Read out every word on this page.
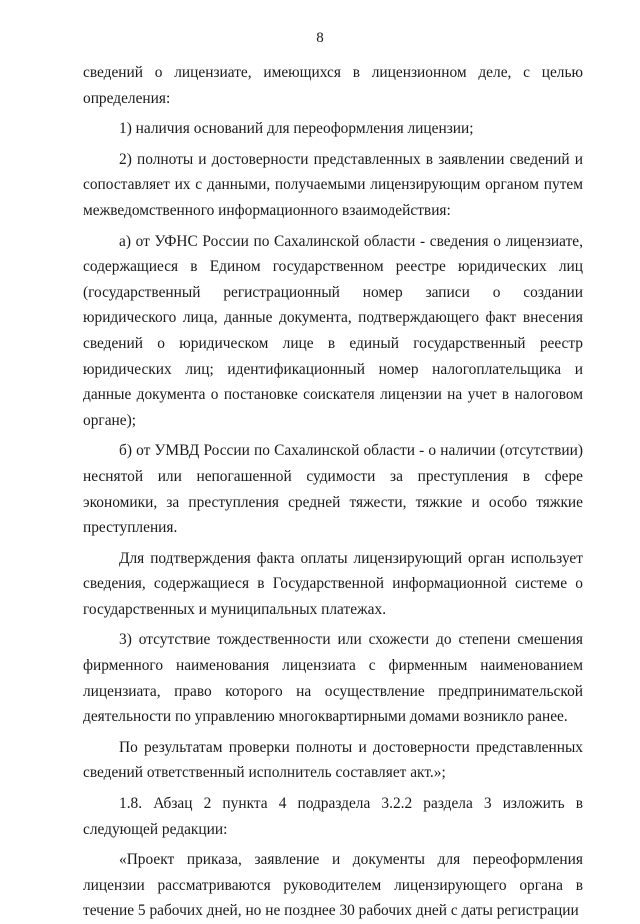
8

сведений о лицензиате, имеющихся в лицензионном деле, с целью определения:

1) наличия оснований для переоформления лицензии;

2) полноты и достоверности представленных в заявлении сведений и сопоставляет их с данными, получаемыми лицензирующим органом путем межведомственного информационного взаимодействия:

а) от УФНС России по Сахалинской области - сведения о лицензиате, содержащиеся в Едином государственном реестре юридических лиц (государственный регистрационный номер записи о создании юридического лица, данные документа, подтверждающего факт внесения сведений о юридическом лице в единый государственный реестр юридических лиц; идентификационный номер налогоплательщика и данные документа о постановке соискателя лицензии на учет в налоговом органе);

б) от УМВД России по Сахалинской области - о наличии (отсутствии) неснятой или непогашенной судимости за преступления в сфере экономики, за преступления средней тяжести, тяжкие и особо тяжкие преступления.

Для подтверждения факта оплаты лицензирующий орган использует сведения, содержащиеся в Государственной информационной системе о государственных и муниципальных платежах.

3) отсутствие тождественности или схожести до степени смешения фирменного наименования лицензиата с фирменным наименованием лицензиата, право которого на осуществление предпринимательской деятельности по управлению многоквартирными домами возникло ранее.

По результатам проверки полноты и достоверности представленных сведений ответственный исполнитель составляет акт.»;

1.8. Абзац 2 пункта 4 подраздела 3.2.2 раздела 3 изложить в следующей редакции:

«Проект приказа, заявление и документы для переоформления лицензии рассматриваются руководителем лицензирующего органа в течение 5 рабочих дней, но не позднее 30 рабочих дней с даты регистрации
